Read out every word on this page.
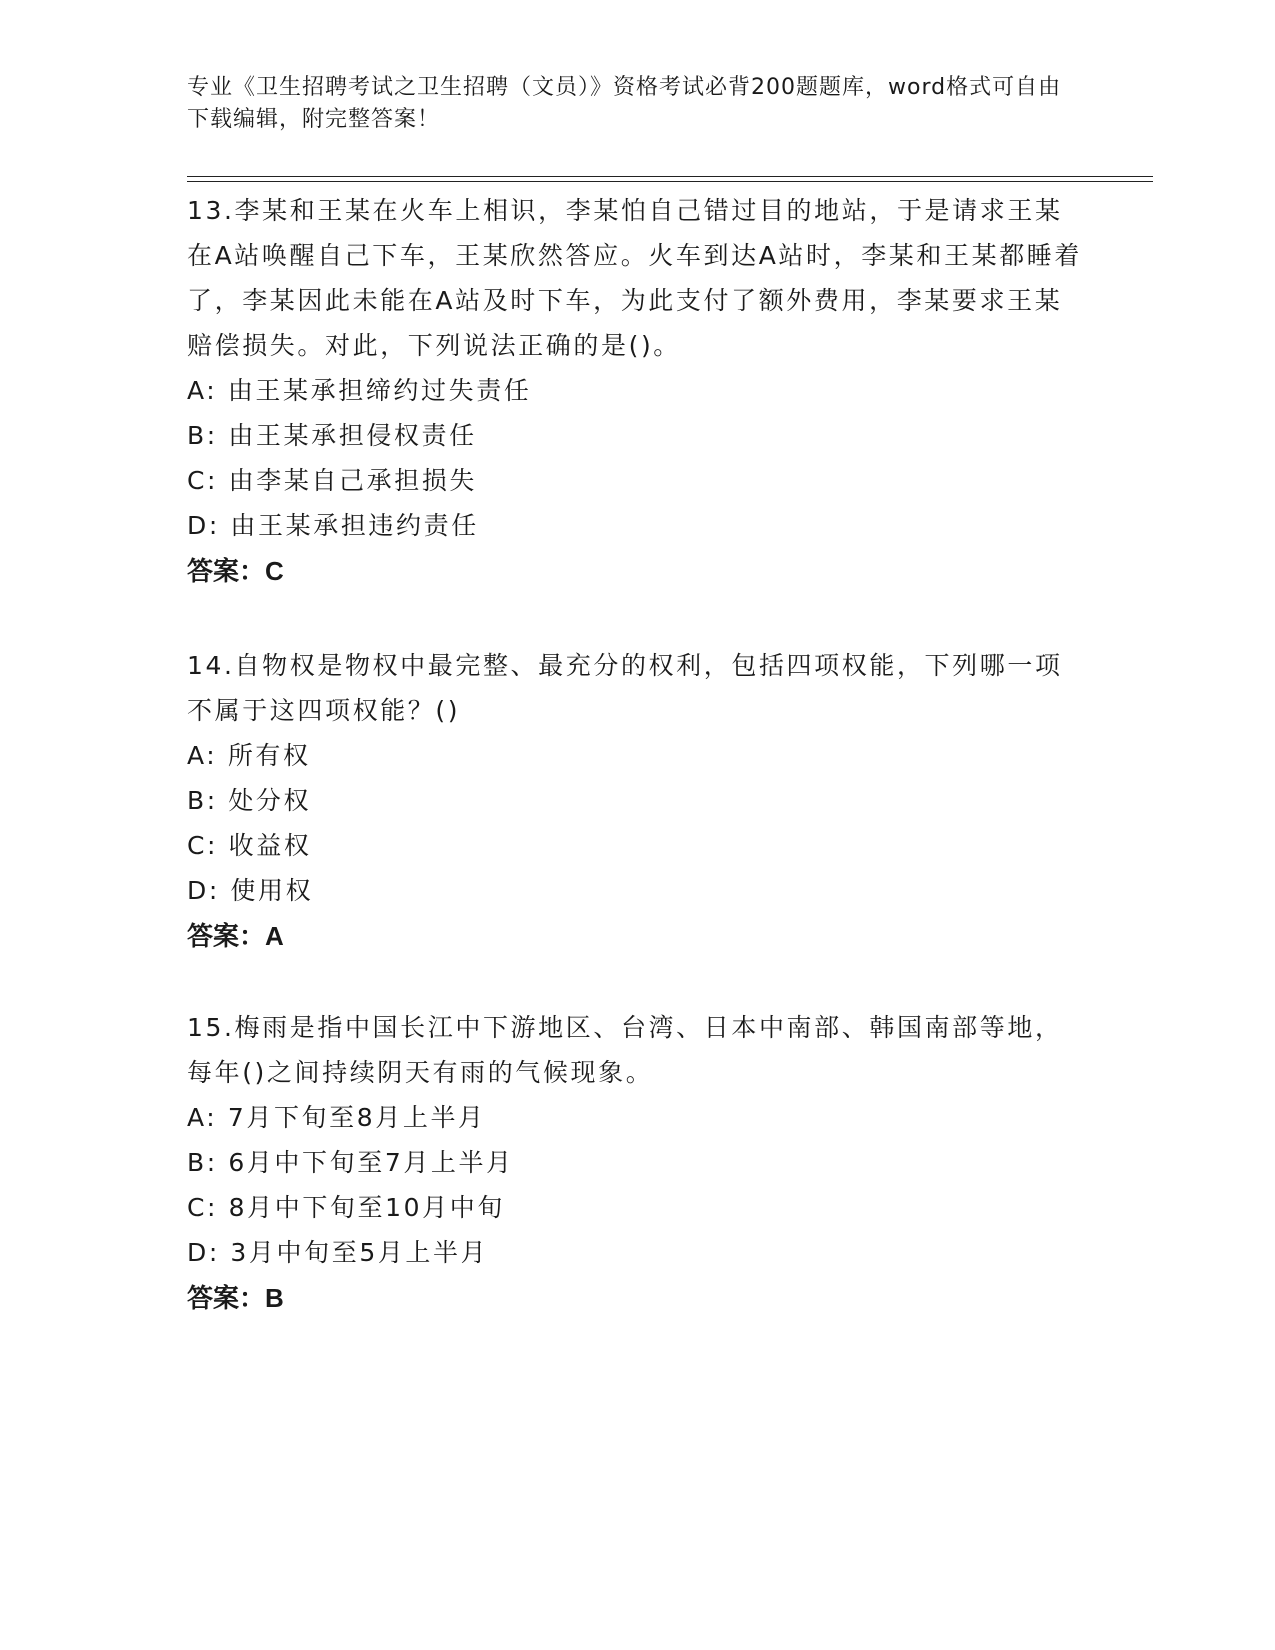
专业《卫生招聘考试之卫生招聘（文员）》资格考试必背200题题库，word格式可自由下载编辑，附完整答案！

13.李某和王某在火车上相识，李某怕自己错过目的地站，于是请求王某在A站唤醒自己下车，王某欣然答应。火车到达A站时，李某和王某都睡着了，李某因此未能在A站及时下车，为此支付了额外费用，李某要求王某赔偿损失。对此，下列说法正确的是()。

A: 由王某承担缔约过失责任

B: 由王某承担侵权责任

C: 由李某自己承担损失

D: 由王某承担违约责任

答案：C

14.自物权是物权中最完整、最充分的权利，包括四项权能，下列哪一项不属于这四项权能？()

A: 所有权

B: 处分权

C: 收益权

D: 使用权

答案：A

15.梅雨是指中国长江中下游地区、台湾、日本中南部、韩国南部等地，每年()之间持续阴天有雨的气候现象。

A: 7月下旬至8月上半月

B: 6月中下旬至7月上半月

C: 8月中下旬至10月中旬

D: 3月中旬至5月上半月

答案：B
